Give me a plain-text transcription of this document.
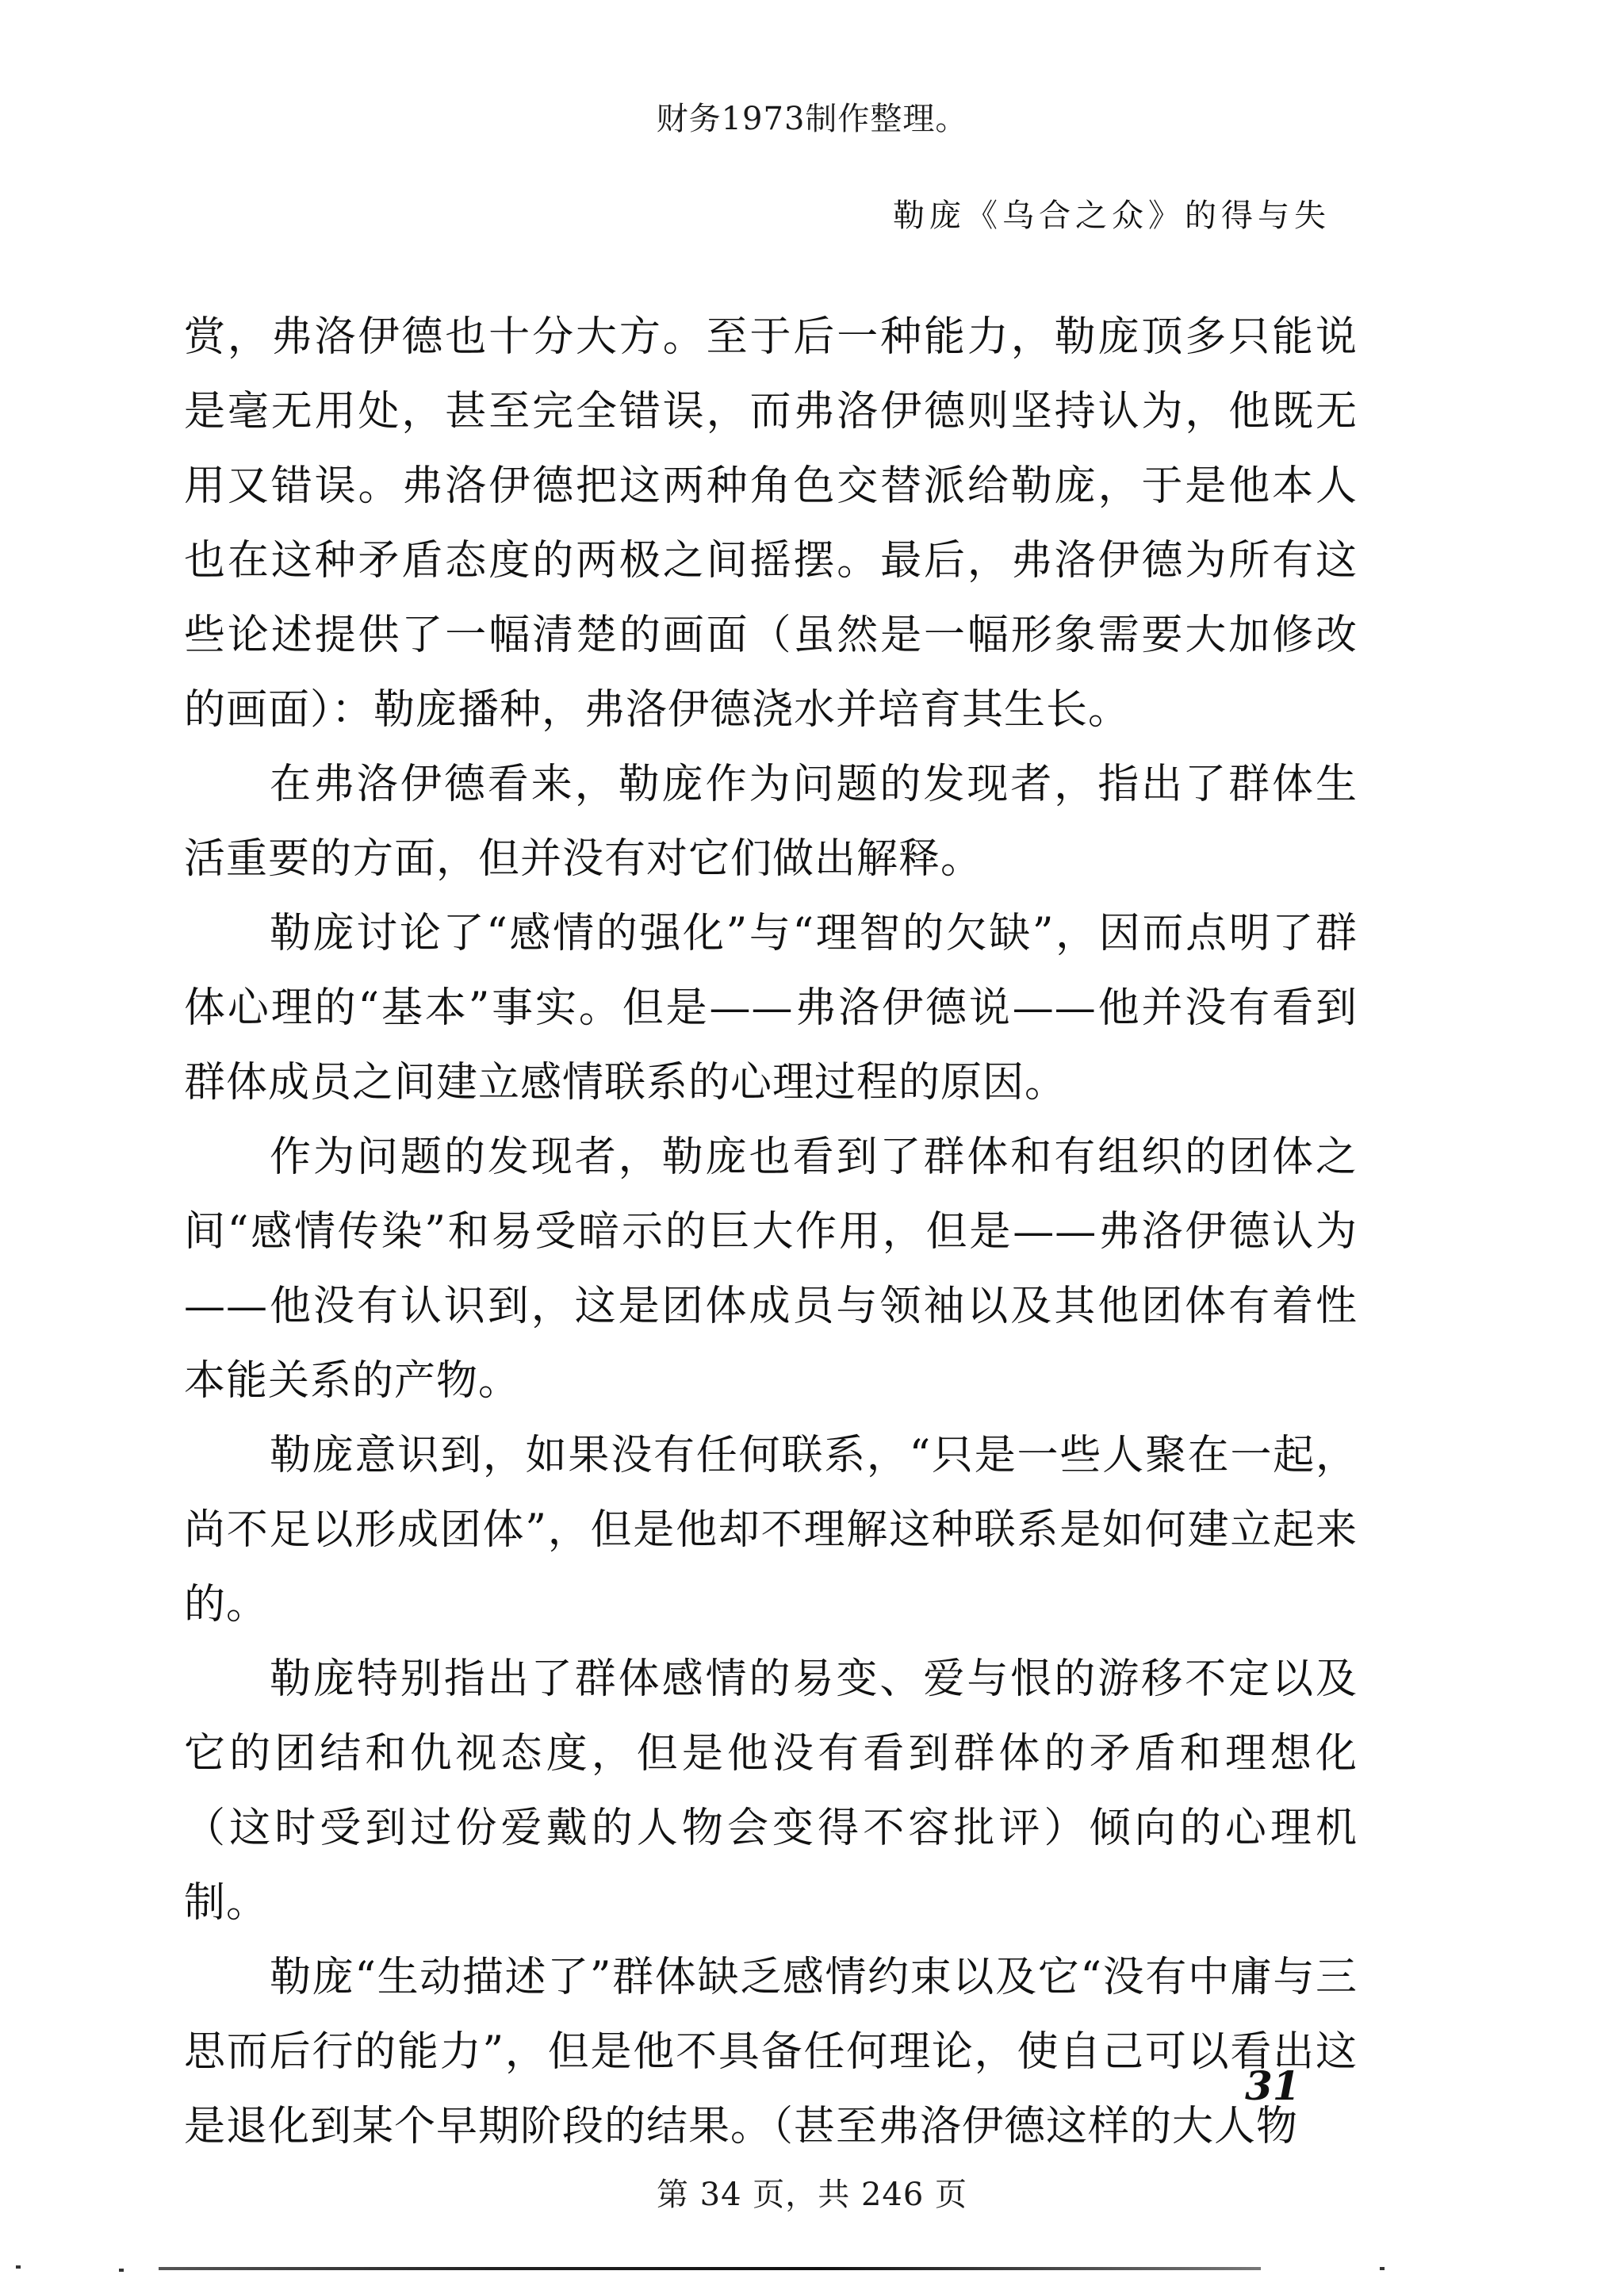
财务1973制作整理。
勒庞《乌合之众》的得与失

赏，弗洛伊德也十分大方。至于后一种能力，勒庞顶多只能说是毫无用处，甚至完全错误，而弗洛伊德则坚持认为，他既无用又错误。弗洛伊德把这两种角色交替派给勒庞，于是他本人也在这种矛盾态度的两极之间摇摆。最后，弗洛伊德为所有这些论述提供了一幅清楚的画面（虽然是一幅形象需要大加修改的画面）：勒庞播种，弗洛伊德浇水并培育其生长。

在弗洛伊德看来，勒庞作为问题的发现者，指出了群体生活重要的方面，但并没有对它们做出解释。

勒庞讨论了“感情的强化”与“理智的欠缺”，因而点明了群体心理的“基本”事实。但是——弗洛伊德说——他并没有看到群体成员之间建立感情联系的心理过程的原因。

作为问题的发现者，勒庞也看到了群体和有组织的团体之间“感情传染”和易受暗示的巨大作用，但是——弗洛伊德认为——他没有认识到，这是团体成员与领袖以及其他团体有着性本能关系的产物。

勒庞意识到，如果没有任何联系，“只是一些人聚在一起，尚不足以形成团体”，但是他却不理解这种联系是如何建立起来的。

勒庞特别指出了群体感情的易变、爱与恨的游移不定以及它的团结和仇视态度，但是他没有看到群体的矛盾和理想化（这时受到过份爱戴的人物会变得不容批评）倾向的心理机制。

勒庞“生动描述了”群体缺乏感情约束以及它“没有中庸与三思而后行的能力”，但是他不具备任何理论，使自己可以看出这是退化到某个早期阶段的结果。（甚至弗洛伊德这样的大人物

31
第 34 页，共 246 页
